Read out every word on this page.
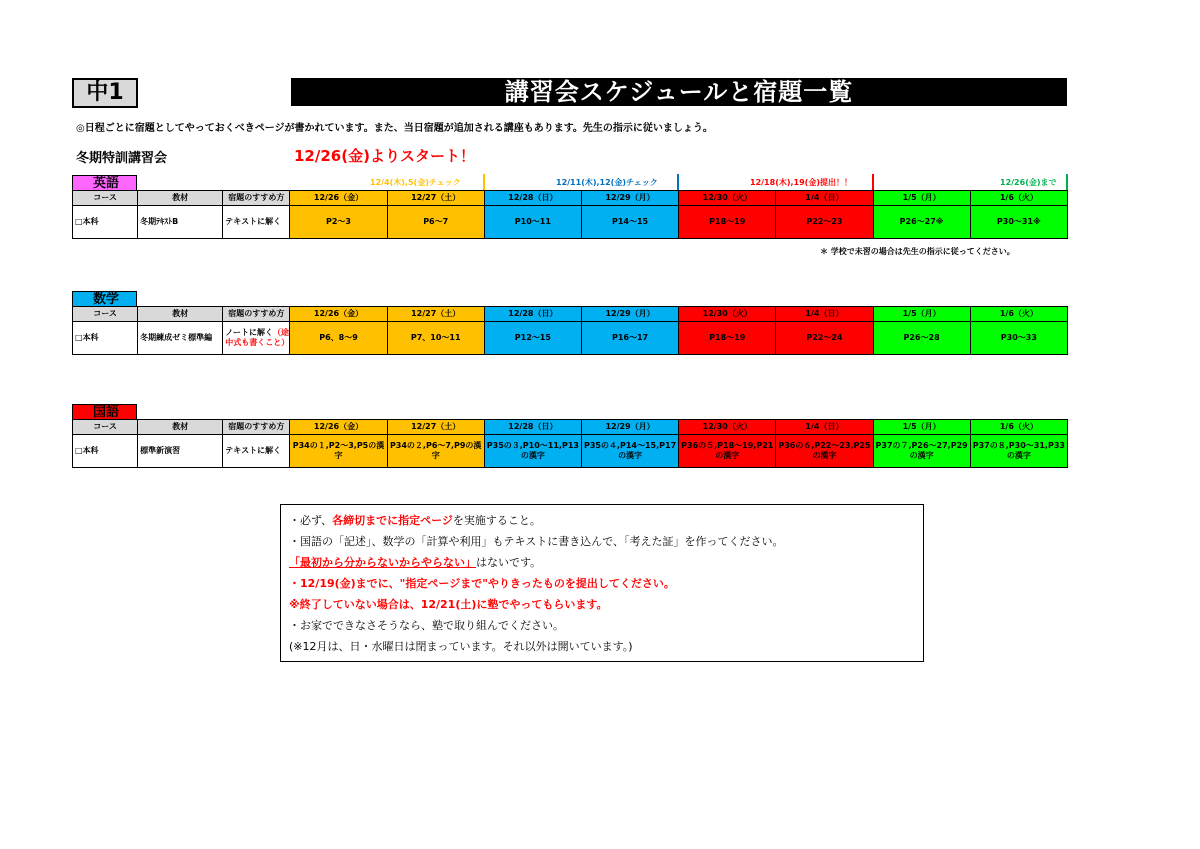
中1	講習会スケジュールと宿題一覧
◎日程ごとに宿題としてやっておくべきページが書かれています。また、当日宿題が追加される講座もあります。先生の指示に従いましょう。
冬期特訓講習会	12/26(金)よりスタート！
12/4(木),5(金)チェック	12/11(木),12(金)チェック	12/18(木),19(金)提出！！	12/26(金)まで
英語
コース	教材	宿題のすすめ方	12/26（金）	12/27（土）	12/28（日）	12/29（月）	12/30（火）	1/4（日）	1/5（月）	1/6（火）
□本科	冬期ﾃｷｽﾄB	テキストに解く	P2～3	P6～7	P10～11	P14～15	P18～19	P22～23	P26～27※	P30～31※
＊ 学校で未習の場合は先生の指示に従ってください。
数学
コース	教材	宿題のすすめ方	12/26（金）	12/27（土）	12/28（日）	12/29（月）	12/30（火）	1/4（日）	1/5（月）	1/6（火）
□本科	冬期練成ゼミ標準編	ノートに解く（途中式も書くこと）	P6、8～9	P7、10～11	P12～15	P16～17	P18～19	P22～24	P26～28	P30～33
国語
コース	教材	宿題のすすめ方	12/26（金）	12/27（土）	12/28（日）	12/29（月）	12/30（火）	1/4（日）	1/5（月）	1/6（火）
□本科	標準新演習	テキストに解く	P34の１,P2～3,P5の漢字	P34の２,P6～7,P9の漢字	P35の３,P10～11,P13の漢字	P35の４,P14～15,P17の漢字	P36の５,P18～19,P21の漢字	P36の６,P22～23,P25の漢字	P37の７,P26～27,P29の漢字	P37の８,P30～31,P33の漢字
・必ず、各締切までに指定ページを実施すること。
・国語の「記述」、数学の「計算や利用」もテキストに書き込んで、「考えた証」を作ってください。
「最初から分からないからやらない」はないです。
・12/19(金)までに、"指定ページまで"やりきったものを提出してください。
※終了していない場合は、12/21(土)に塾でやってもらいます。
・お家でできなさそうなら、塾で取り組んでください。
(※12月は、日・水曜日は閉まっています。それ以外は開いています。)
